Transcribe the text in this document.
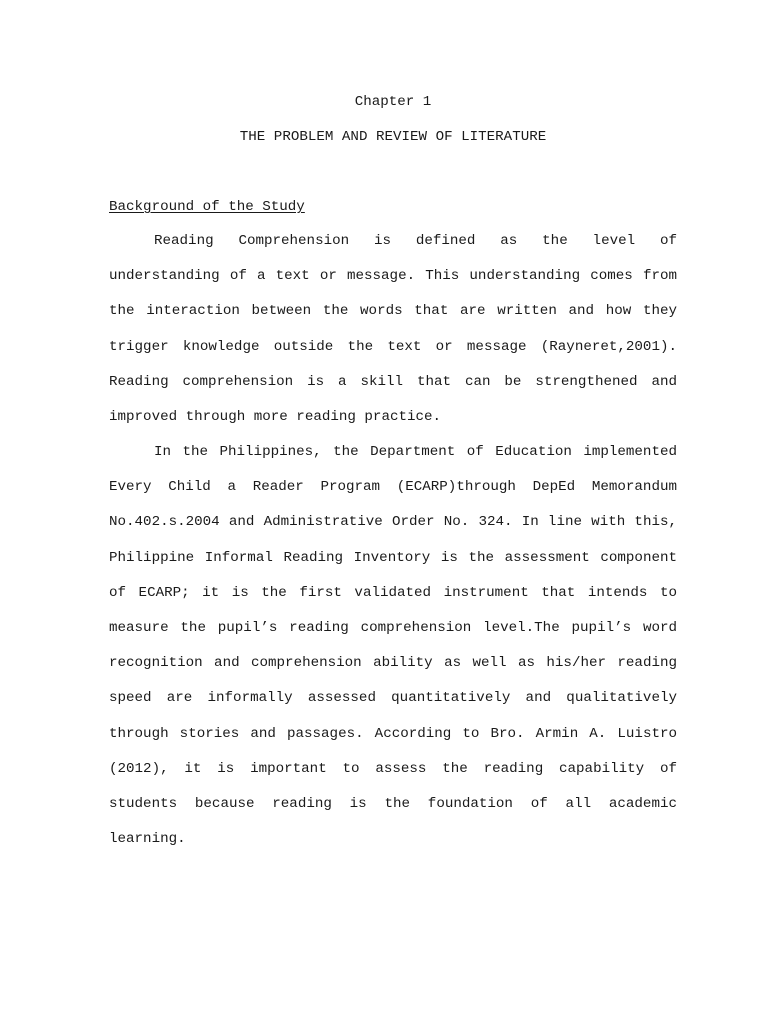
Chapter 1
THE PROBLEM AND REVIEW OF LITERATURE
Background of the Study

Reading Comprehension is defined as the level of understanding of a text or message. This understanding comes from the interaction between the words that are written and how they trigger knowledge outside the text or message (Rayneret,2001). Reading comprehension is a skill that can be strengthened and improved through more reading practice.

In the Philippines, the Department of Education implemented Every Child a Reader Program (ECARP)through DepEd Memorandum No.402.s.2004 and Administrative Order No. 324. In line with this, Philippine Informal Reading Inventory is the assessment component of ECARP; it is the first validated instrument that intends to measure the pupil’s reading comprehension level.The pupil’s word recognition and comprehension ability as well as his/her reading speed are informally assessed quantitatively and qualitatively through stories and passages. According to Bro. Armin A. Luistro (2012), it is important to assess the reading capability of students because reading is the foundation of all academic learning.
